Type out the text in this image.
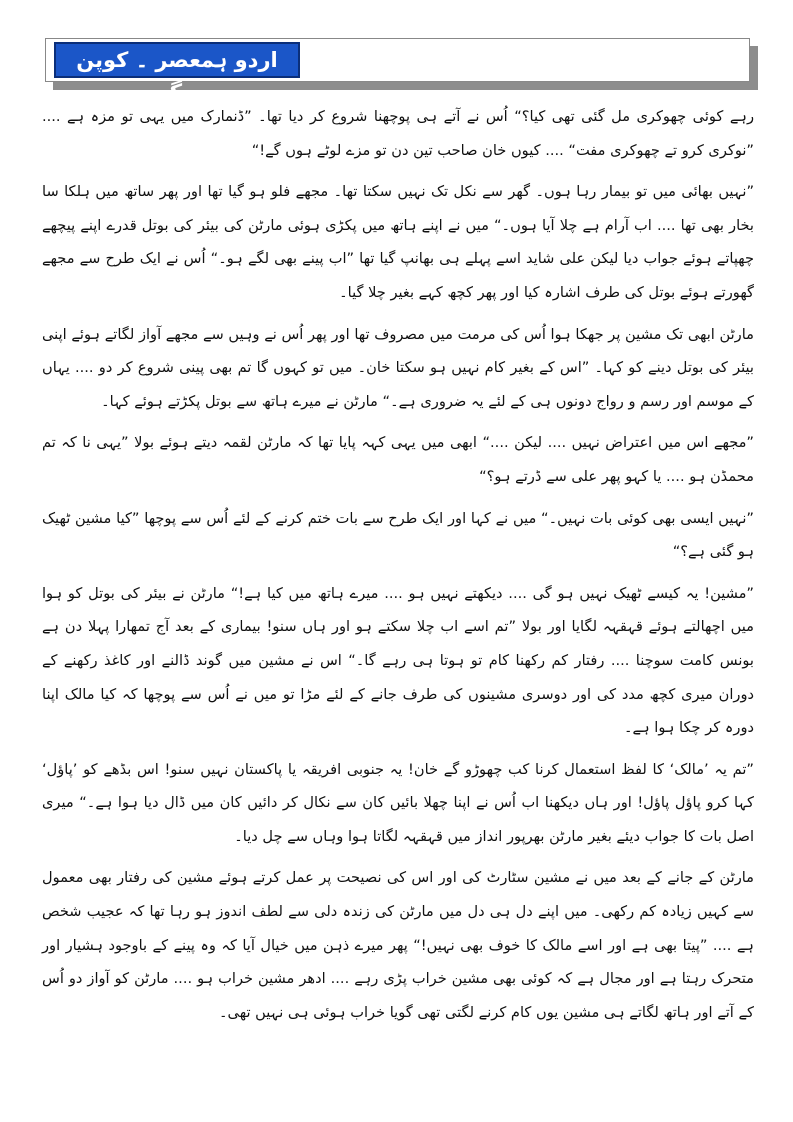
اردو ہمعصر ۔ کوپن ہیگن

رہے کوئی چھوکری مل گئی تھی کیا؟“ اُس نے آتے ہی پوچھنا شروع کر دیا تھا۔ ”ڈنمارک میں یہی تو مزہ ہے .... ”نوکری کرو تے چھوکری مفت“ .... کیوں خان صاحب تین دن تو مزے لوٹے ہوں گے!“

”نہیں بھائی میں تو بیمار رہا ہوں۔ گھر سے نکل تک نہیں سکتا تھا۔ مجھے فلو ہو گیا تھا اور پھر ساتھ میں ہلکا سا بخار بھی تھا .... اب آرام ہے چلا آیا ہوں۔“ میں نے اپنے ہاتھ میں پکڑی ہوئی مارٹن کی بیئر کی بوتل قدرے اپنے پیچھے چھپاتے ہوئے جواب دیا لیکن علی شاید اسے پہلے ہی بھانپ گیا تھا ”اب پینے بھی لگے ہو۔“ اُس نے ایک طرح سے مجھے گھورتے ہوئے بوتل کی طرف اشارہ کیا اور پھر کچھ کہے بغیر چلا گیا۔

مارٹن ابھی تک مشین پر جھکا ہوا اُس کی مرمت میں مصروف تھا اور پھر اُس نے وہیں سے مجھے آواز لگاتے ہوئے اپنی بیئر کی بوتل دینے کو کہا۔ ”اس کے بغیر کام نہیں ہو سکتا خان۔ میں تو کہوں گا تم بھی پینی شروع کر دو .... یہاں کے موسم اور رسم و رواج دونوں ہی کے لئے یہ ضروری ہے۔“ مارٹن نے میرے ہاتھ سے بوتل پکڑتے ہوئے کہا۔

”مجھے اس میں اعتراض نہیں .... لیکن ....“ ابھی میں یہی کہہ پایا تھا کہ مارٹن لقمہ دیتے ہوئے بولا ”یہی نا کہ تم محمڈن ہو .... یا کہو پھر علی سے ڈرتے ہو؟“

”نہیں ایسی بھی کوئی بات نہیں۔“ میں نے کہا اور ایک طرح سے بات ختم کرنے کے لئے اُس سے پوچھا ”کیا مشین ٹھیک ہو گئی ہے؟“

”مشین! یہ کیسے ٹھیک نہیں ہو گی .... دیکھتے نہیں ہو .... میرے ہاتھ میں کیا ہے!“ مارٹن نے بیئر کی بوتل کو ہوا میں اچھالتے ہوئے قہقہہ لگایا اور بولا ”تم اسے اب چلا سکتے ہو اور ہاں سنو! بیماری کے بعد آج تمھارا پہلا دن ہے بونس کامت سوچنا .... رفتار کم رکھنا کام تو ہوتا ہی رہے گا۔“ اس نے مشین میں گوند ڈالنے اور کاغذ رکھنے کے دوران میری کچھ مدد کی اور دوسری مشینوں کی طرف جانے کے لئے مڑا تو میں نے اُس سے پوچھا کہ کیا مالک اپنا دورہ کر چکا ہوا ہے۔

”تم یہ ’مالک‘ کا لفظ استعمال کرنا کب چھوڑو گے خان! یہ جنوبی افریقہ یا پاکستان نہیں سنو! اس بڈھے کو ’پاؤل‘ کہا کرو پاؤل پاؤل! اور ہاں دیکھنا اب اُس نے اپنا چھلا بائیں کان سے نکال کر دائیں کان میں ڈال دیا ہوا ہے۔“ میری اصل بات کا جواب دیئے بغیر مارٹن بھرپور انداز میں قہقہہ لگاتا ہوا وہاں سے چل دیا۔

مارٹن کے جانے کے بعد میں نے مشین سٹارٹ کی اور اس کی نصیحت پر عمل کرتے ہوئے مشین کی رفتار بھی معمول سے کہیں زیادہ کم رکھی۔ میں اپنے دل ہی دل میں مارٹن کی زندہ دلی سے لطف اندوز ہو رہا تھا کہ عجیب شخص ہے .... ”پیتا بھی ہے اور اسے مالک کا خوف بھی نہیں!“ پھر میرے ذہن میں خیال آیا کہ وہ پینے کے باوجود ہشیار اور متحرک رہتا ہے اور مجال ہے کہ کوئی بھی مشین خراب پڑی رہے .... ادھر مشین خراب ہو .... مارٹن کو آواز دو اُس کے آتے اور ہاتھ لگاتے ہی مشین یوں کام کرنے لگتی تھی گویا خراب ہوئی ہی نہیں تھی۔
